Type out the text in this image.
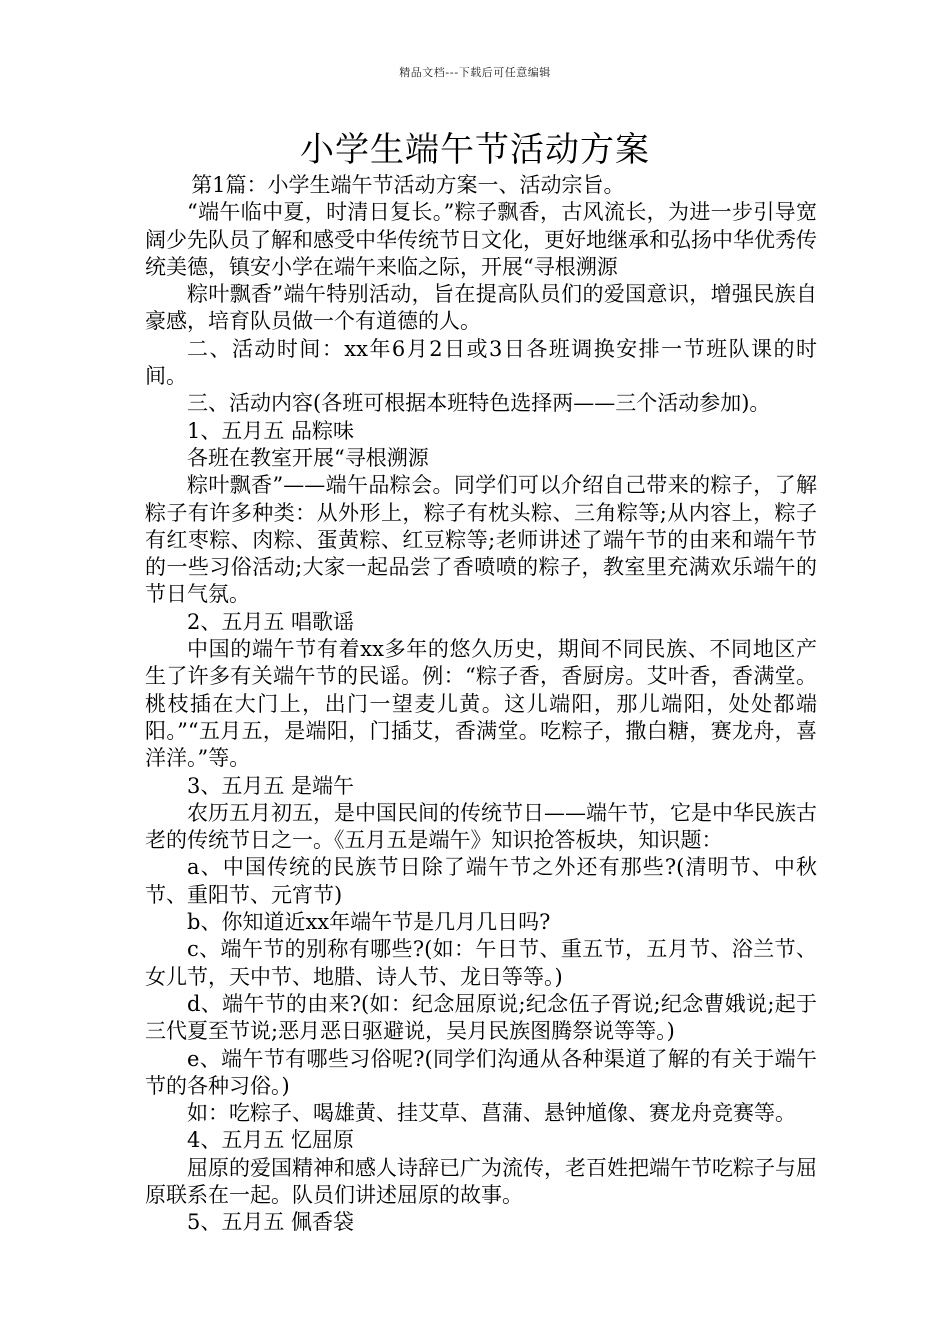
精品文档---下载后可任意编辑
小学生端午节活动方案

第1篇：小学生端午节活动方案一、活动宗旨。

“端午临中夏，时清日复长。”粽子飘香，古风流长，为进一步引导宽阔少先队员了解和感受中华传统节日文化，更好地继承和弘扬中华优秀传统美德，镇安小学在端午来临之际，开展“寻根溯源

粽叶飘香”端午特别活动，旨在提高队员们的爱国意识，增强民族自豪感，培育队员做一个有道德的人。

二、活动时间：xx年6月2日或3日各班调换安排一节班队课的时间。

三、活动内容(各班可根据本班特色选择两——三个活动参加)。

1、五月五 品粽味

各班在教室开展“寻根溯源

粽叶飘香”——端午品粽会。同学们可以介绍自己带来的粽子，了解粽子有许多种类：从外形上，粽子有枕头粽、三角粽等;从内容上，粽子有红枣粽、肉粽、蛋黄粽、红豆粽等;老师讲述了端午节的由来和端午节的一些习俗活动;大家一起品尝了香喷喷的粽子，教室里充满欢乐端午的节日气氛。

2、五月五 唱歌谣

中国的端午节有着xx多年的悠久历史，期间不同民族、不同地区产生了许多有关端午节的民谣。例：“粽子香，香厨房。艾叶香，香满堂。桃枝插在大门上，出门一望麦儿黄。这儿端阳，那儿端阳，处处都端阳。”“五月五，是端阳，门插艾，香满堂。吃粽子，撒白糖，赛龙舟，喜洋洋。”等。

3、五月五 是端午

农历五月初五，是中国民间的传统节日——端午节，它是中华民族古老的传统节日之一。《五月五是端午》知识抢答板块，知识题：

a、中国传统的民族节日除了端午节之外还有那些?(清明节、中秋节、重阳节、元宵节)

b、你知道近xx年端午节是几月几日吗?

c、端午节的别称有哪些?(如：午日节、重五节，五月节、浴兰节、女儿节，天中节、地腊、诗人节、龙日等等。)

d、端午节的由来?(如：纪念屈原说;纪念伍子胥说;纪念曹娥说;起于三代夏至节说;恶月恶日驱避说，吴月民族图腾祭说等等。)

e、端午节有哪些习俗呢?(同学们沟通从各种渠道了解的有关于端午节的各种习俗。)

如：吃粽子、喝雄黄、挂艾草、菖蒲、悬钟馗像、赛龙舟竞赛等。

4、五月五 忆屈原

屈原的爱国精神和感人诗辞已广为流传，老百姓把端午节吃粽子与屈原联系在一起。队员们讲述屈原的故事。

5、五月五 佩香袋
